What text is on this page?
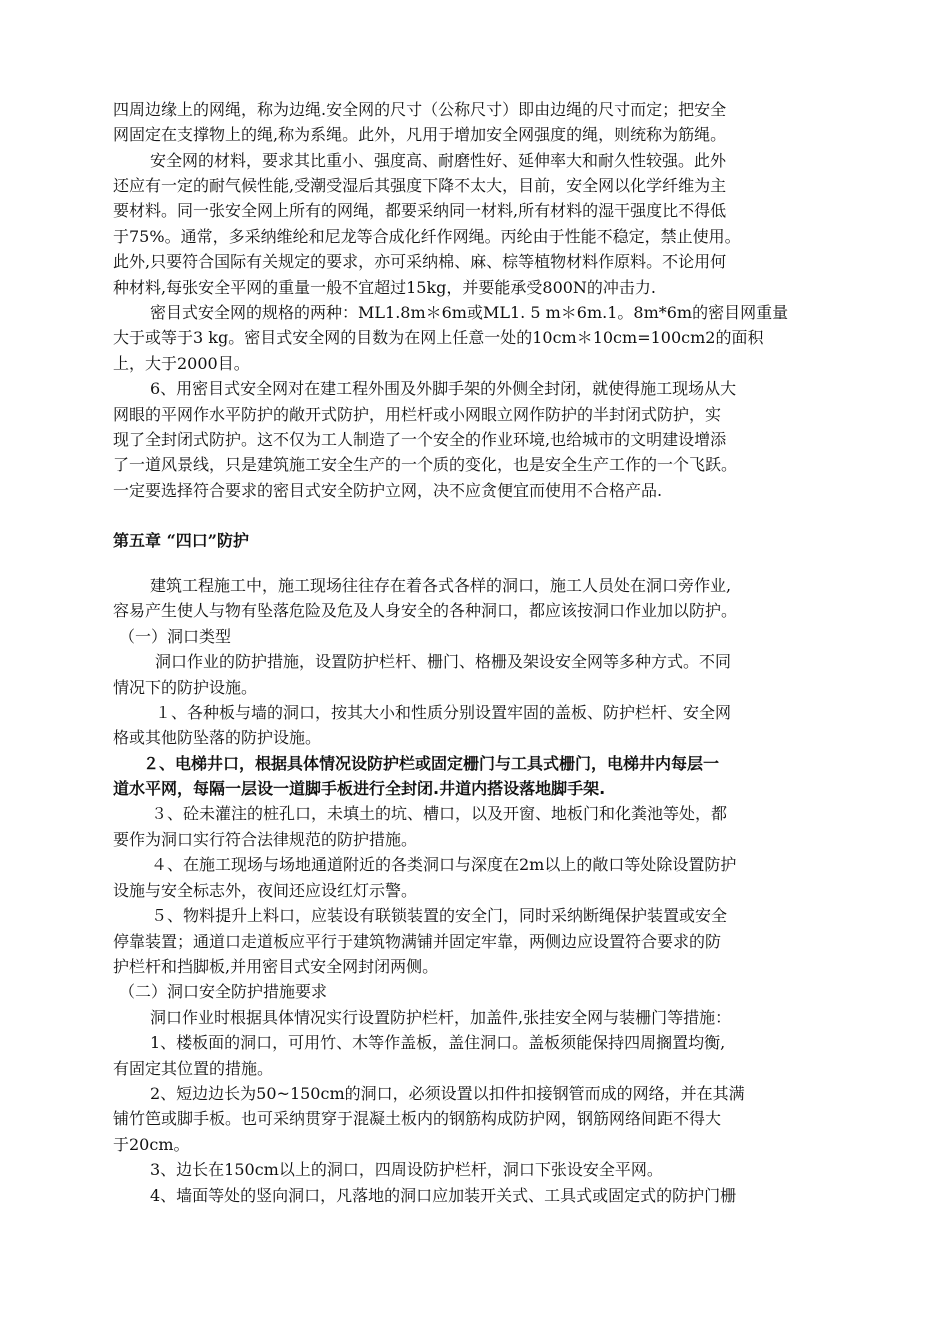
四周边缘上的网绳，称为边绳.安全网的尺寸（公称尺寸）即由边绳的尺寸而定；把安全
网固定在支撑物上的绳,称为系绳。此外，凡用于增加安全网强度的绳，则统称为筋绳。
安全网的材料，要求其比重小、强度高、耐磨性好、延伸率大和耐久性较强。此外
还应有一定的耐气候性能,受潮受湿后其强度下降不太大，目前，安全网以化学纤维为主
要材料。同一张安全网上所有的网绳，都要采纳同一材料,所有材料的湿干强度比不得低
于75%。通常，多采纳维纶和尼龙等合成化纤作网绳。丙纶由于性能不稳定，禁止使用。
此外,只要符合国际有关规定的要求，亦可采纳棉、麻、棕等植物材料作原料。不论用何
种材料,每张安全平网的重量一般不宜超过15kg，并要能承受800N的冲击力.
密目式安全网的规格的两种：ML1.8m＊6m或ML1. 5 m＊6m.1。8m*6m的密目网重量
大于或等于3 kg。密目式安全网的目数为在网上任意一处的10cm＊10cm=100cm2的面积
上，大于2000目。
6、用密目式安全网对在建工程外围及外脚手架的外侧全封闭，就使得施工现场从大
网眼的平网作水平防护的敞开式防护，用栏杆或小网眼立网作防护的半封闭式防护，实
现了全封闭式防护。这不仅为工人制造了一个安全的作业环境,也给城市的文明建设增添
了一道风景线，只是建筑施工安全生产的一个质的变化，也是安全生产工作的一个飞跃。
一定要选择符合要求的密目式安全防护立网，决不应贪便宜而使用不合格产品.
第五章 “四口”防护
建筑工程施工中，施工现场往往存在着各式各样的洞口，施工人员处在洞口旁作业,
容易产生使人与物有坠落危险及危及人身安全的各种洞口，都应该按洞口作业加以防护。
（一）洞口类型
洞口作业的防护措施，设置防护栏杆、栅门、格栅及架设安全网等多种方式。不同
情况下的防护设施。
１、各种板与墙的洞口，按其大小和性质分别设置牢固的盖板、防护栏杆、安全网
格或其他防坠落的防护设施。
２、电梯井口，根据具体情况设防护栏或固定栅门与工具式栅门，电梯井内每层一
道水平网，每隔一层设一道脚手板进行全封闭.井道内搭设落地脚手架.
３、砼未灌注的桩孔口，未填土的坑、槽口，以及开窗、地板门和化粪池等处，都
要作为洞口实行符合法律规范的防护措施。
４、在施工现场与场地通道附近的各类洞口与深度在2m以上的敞口等处除设置防护
设施与安全标志外，夜间还应设红灯示警。
５、物料提升上料口，应装设有联锁装置的安全门，同时采纳断绳保护装置或安全
停靠装置；通道口走道板应平行于建筑物满铺并固定牢靠，两侧边应设置符合要求的防
护栏杆和挡脚板,并用密目式安全网封闭两侧。
（二）洞口安全防护措施要求
洞口作业时根据具体情况实行设置防护栏杆，加盖件,张挂安全网与装栅门等措施：
1、楼板面的洞口，可用竹、木等作盖板，盖住洞口。盖板须能保持四周搁置均衡,
有固定其位置的措施。
2、短边边长为50~150cm的洞口，必须设置以扣件扣接钢管而成的网络，并在其满
铺竹笆或脚手板。也可采纳贯穿于混凝土板内的钢筋构成防护网，钢筋网络间距不得大
于20cm。
3、边长在150cm以上的洞口，四周设防护栏杆，洞口下张设安全平网。
4、墙面等处的竖向洞口，凡落地的洞口应加装开关式、工具式或固定式的防护门栅
